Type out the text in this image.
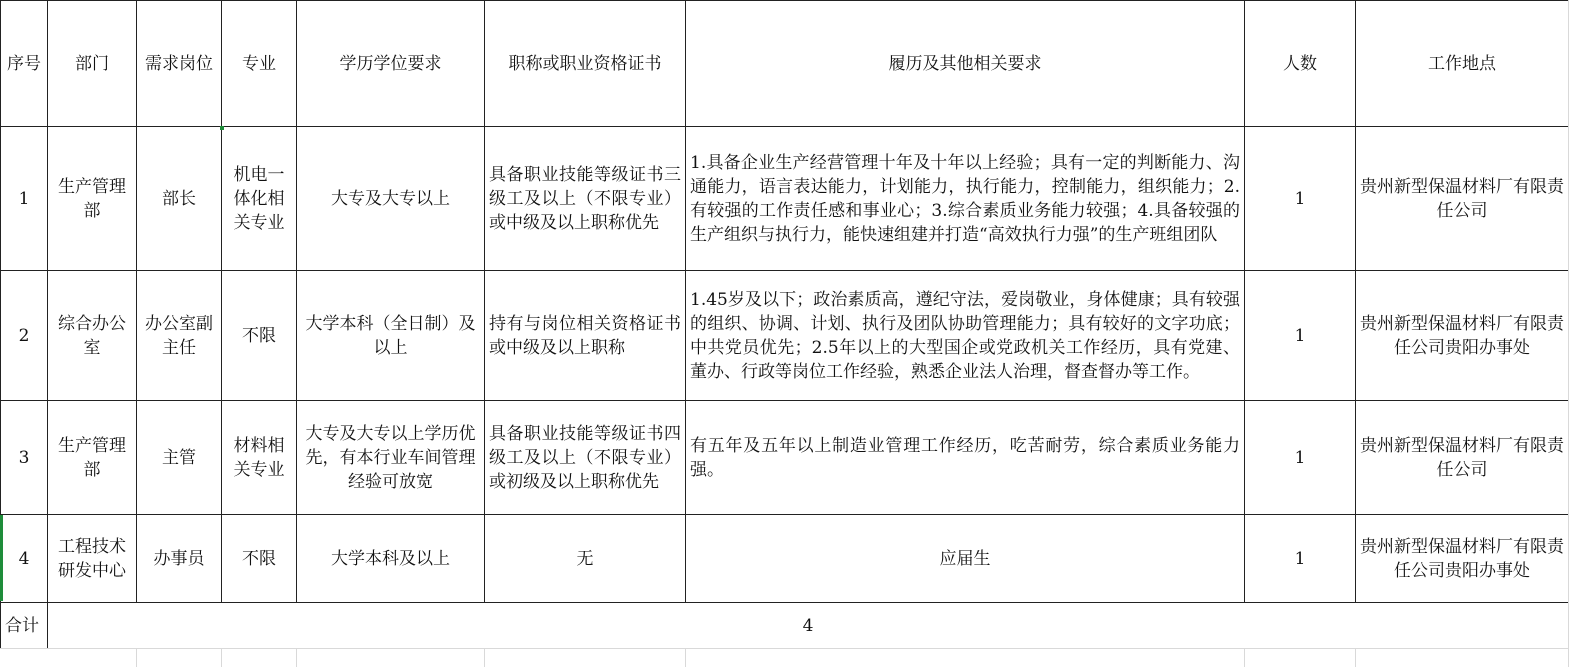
序号	部门	需求岗位	专业	学历学位要求	职称或职业资格证书	履历及其他相关要求	人数	工作地点
1	生产管理部	部长	机电一体化相关专业	大专及大专以上	具备职业技能等级证书三级工及以上（不限专业）或中级及以上职称优先	1.具备企业生产经营管理十年及十年以上经验；具有一定的判断能力、沟通能力，语言表达能力，计划能力，执行能力，控制能力，组织能力；2.有较强的工作责任感和事业心；3.综合素质业务能力较强；4.具备较强的生产组织与执行力，能快速组建并打造“高效执行力强”的生产班组团队	1	贵州新型保温材料厂有限责任公司
2	综合办公室	办公室副主任	不限	大学本科（全日制）及以上	持有与岗位相关资格证书或中级及以上职称	1.45岁及以下；政治素质高，遵纪守法，爱岗敬业，身体健康；具有较强的组织、协调、计划、执行及团队协助管理能力；具有较好的文字功底；中共党员优先；2.5年以上的大型国企或党政机关工作经历，具有党建、董办、行政等岗位工作经验，熟悉企业法人治理，督查督办等工作。	1	贵州新型保温材料厂有限责任公司贵阳办事处
3	生产管理部	主管	材料相关专业	大专及大专以上学历优先，有本行业车间管理经验可放宽	具备职业技能等级证书四级工及以上（不限专业）或初级及以上职称优先	有五年及五年以上制造业管理工作经历，吃苦耐劳，综合素质业务能力强。	1	贵州新型保温材料厂有限责任公司
4	工程技术研发中心	办事员	不限	大学本科及以上	无	应届生	1	贵州新型保温材料厂有限责任公司贵阳办事处
合计	4							
